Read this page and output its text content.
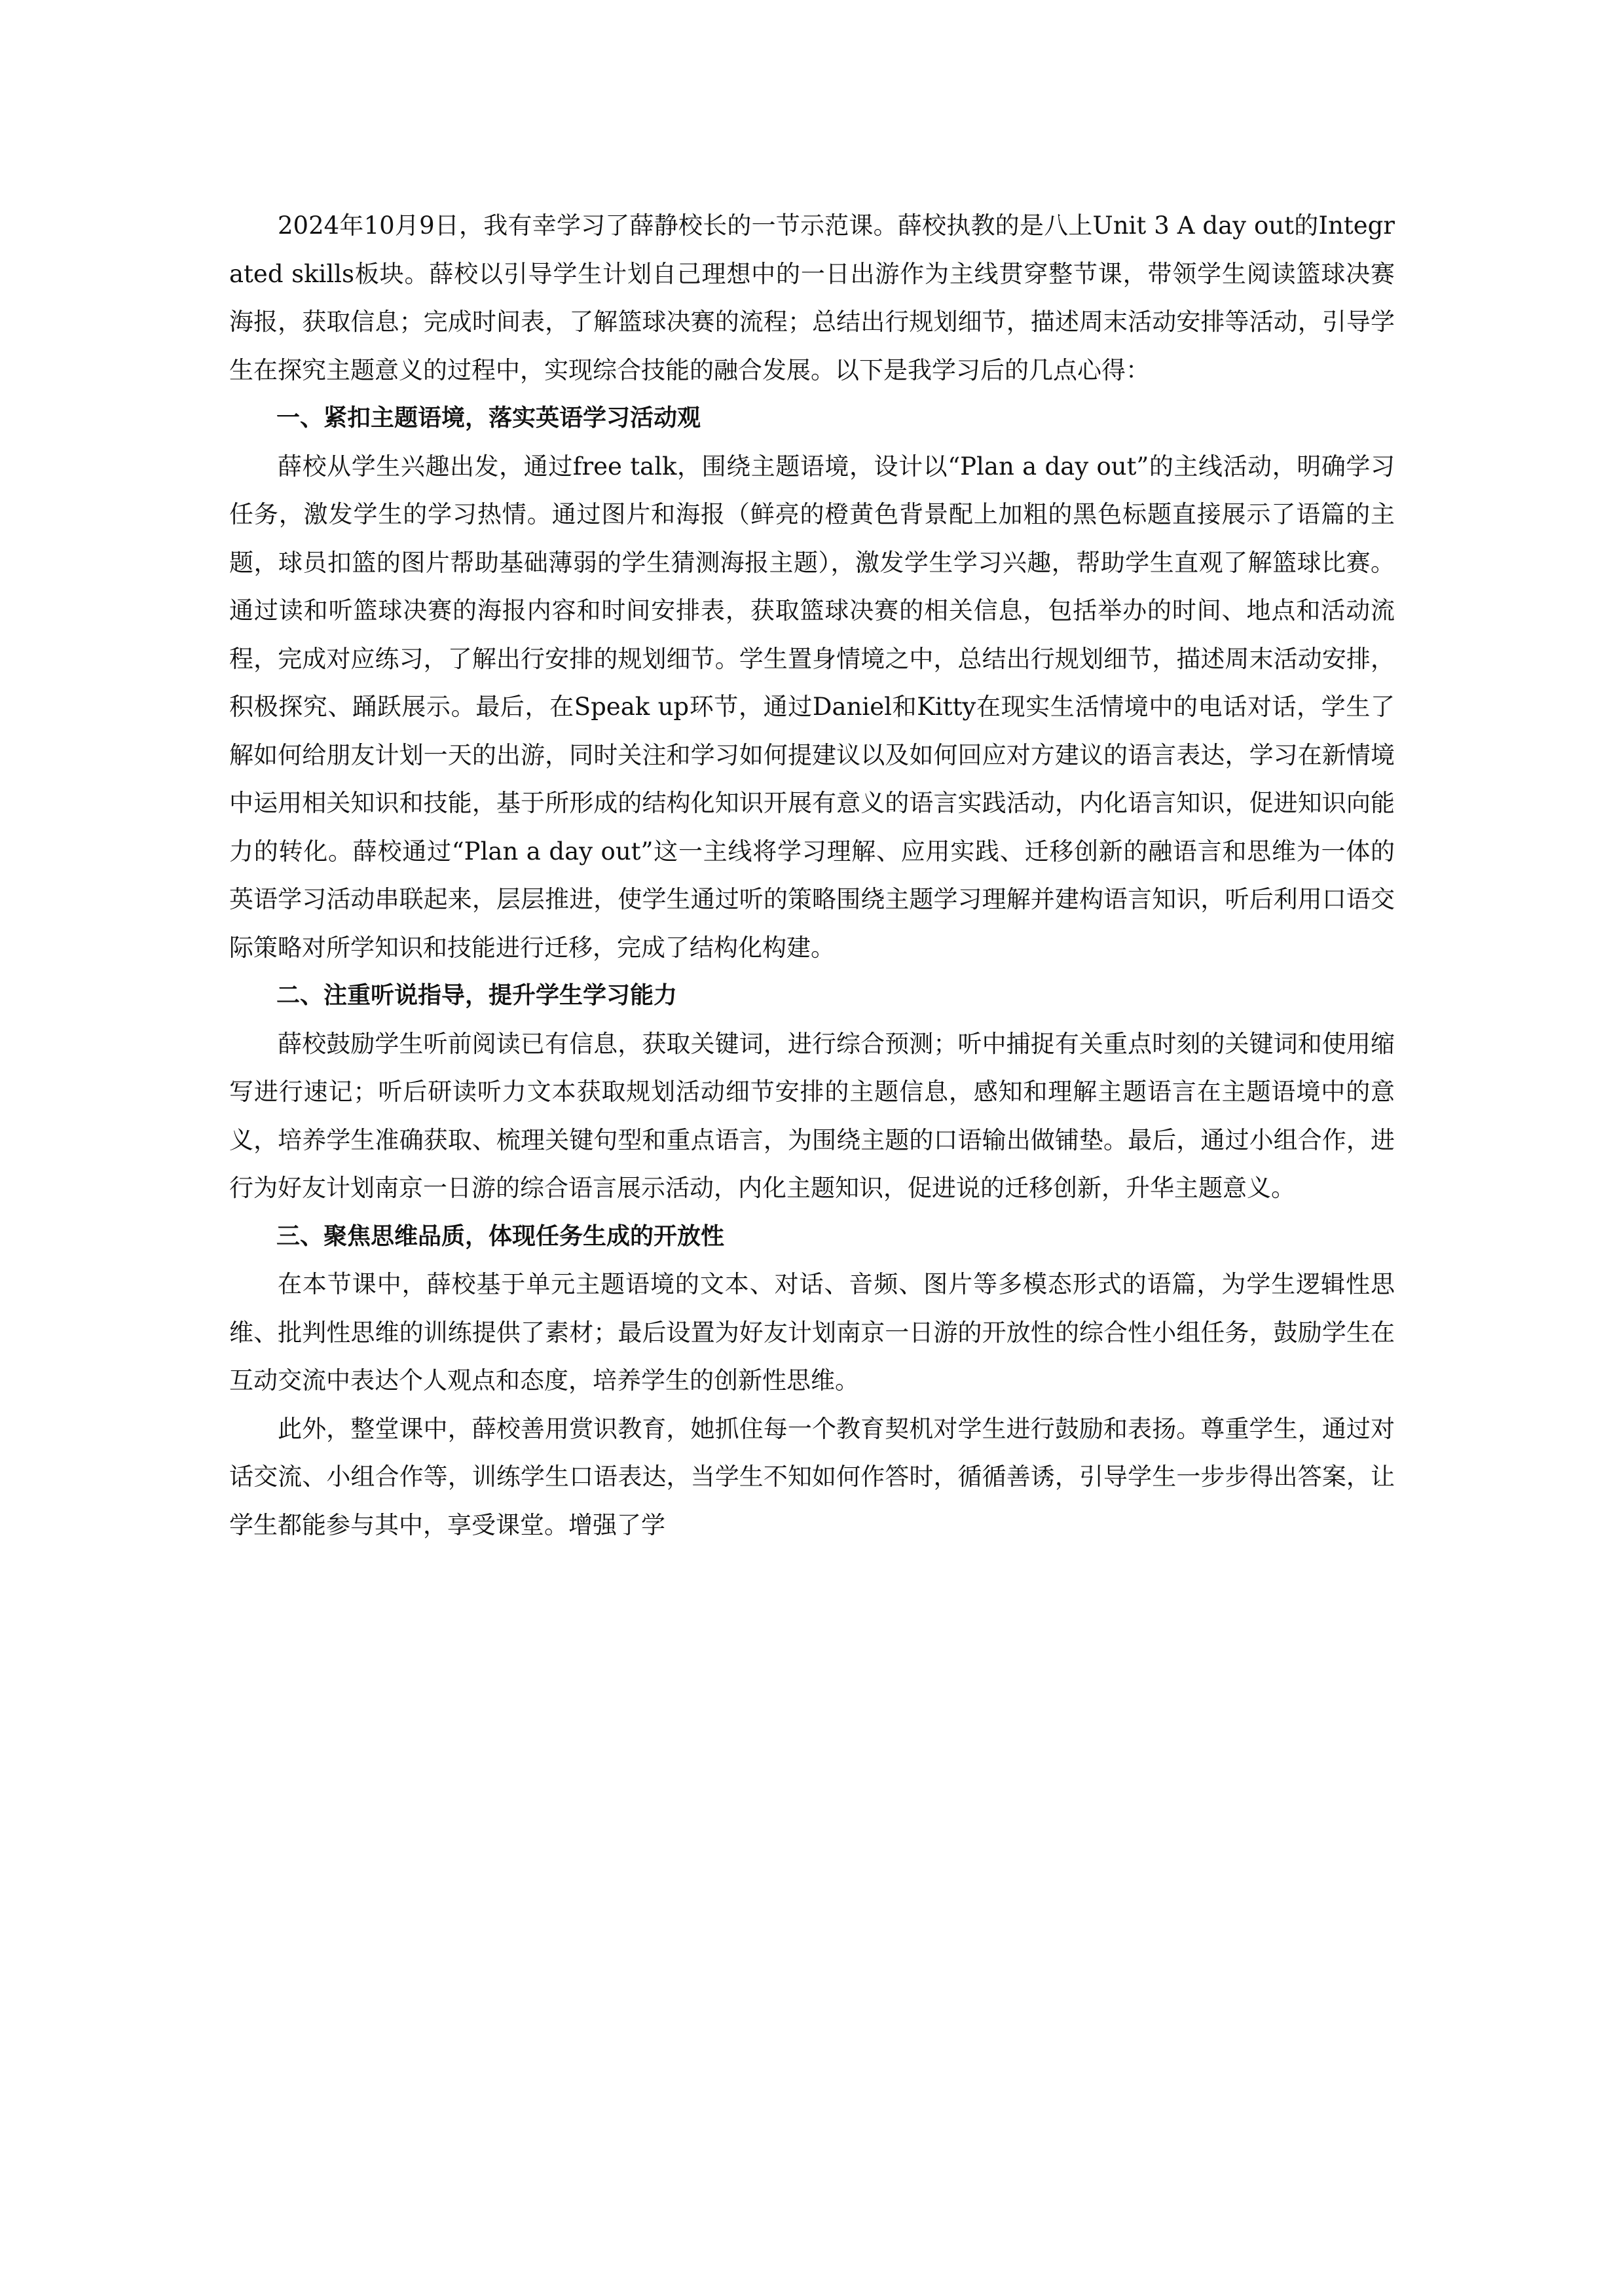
2024年10月9日，我有幸学习了薛静校长的一节示范课。薛校执教的是八上Unit 3 A day out的Integrated skills板块。薛校以引导学生计划自己理想中的一日出游作为主线贯穿整节课，带领学生阅读篮球决赛海报，获取信息；完成时间表，了解篮球决赛的流程；总结出行规划细节，描述周末活动安排等活动，引导学生在探究主题意义的过程中，实现综合技能的融合发展。以下是我学习后的几点心得：

一、紧扣主题语境，落实英语学习活动观

薛校从学生兴趣出发，通过free talk，围绕主题语境，设计以“Plan a day out”的主线活动，明确学习任务，激发学生的学习热情。通过图片和海报（鲜亮的橙黄色背景配上加粗的黑色标题直接展示了语篇的主题，球员扣篮的图片帮助基础薄弱的学生猜测海报主题），激发学生学习兴趣，帮助学生直观了解篮球比赛。通过读和听篮球决赛的海报内容和时间安排表，获取篮球决赛的相关信息，包括举办的时间、地点和活动流程，完成对应练习，了解出行安排的规划细节。学生置身情境之中，总结出行规划细节，描述周末活动安排，积极探究、踊跃展示。最后，在Speak up环节，通过Daniel和Kitty在现实生活情境中的电话对话，学生了解如何给朋友计划一天的出游，同时关注和学习如何提建议以及如何回应对方建议的语言表达，学习在新情境中运用相关知识和技能，基于所形成的结构化知识开展有意义的语言实践活动，内化语言知识，促进知识向能力的转化。薛校通过“Plan a day out”这一主线将学习理解、应用实践、迁移创新的融语言和思维为一体的英语学习活动串联起来，层层推进，使学生通过听的策略围绕主题学习理解并建构语言知识，听后利用口语交际策略对所学知识和技能进行迁移，完成了结构化构建。

二、注重听说指导，提升学生学习能力

薛校鼓励学生听前阅读已有信息，获取关键词，进行综合预测；听中捕捉有关重点时刻的关键词和使用缩写进行速记；听后研读听力文本获取规划活动细节安排的主题信息，感知和理解主题语言在主题语境中的意义，培养学生准确获取、梳理关键句型和重点语言，为围绕主题的口语输出做铺垫。最后，通过小组合作，进行为好友计划南京一日游的综合语言展示活动，内化主题知识，促进说的迁移创新，升华主题意义。

三、聚焦思维品质，体现任务生成的开放性

在本节课中，薛校基于单元主题语境的文本、对话、音频、图片等多模态形式的语篇，为学生逻辑性思维、批判性思维的训练提供了素材；最后设置为好友计划南京一日游的开放性的综合性小组任务，鼓励学生在互动交流中表达个人观点和态度，培养学生的创新性思维。

此外，整堂课中，薛校善用赏识教育，她抓住每一个教育契机对学生进行鼓励和表扬。尊重学生，通过对话交流、小组合作等，训练学生口语表达，当学生不知如何作答时，循循善诱，引导学生一步步得出答案，让学生都能参与其中，享受课堂。增强了学
